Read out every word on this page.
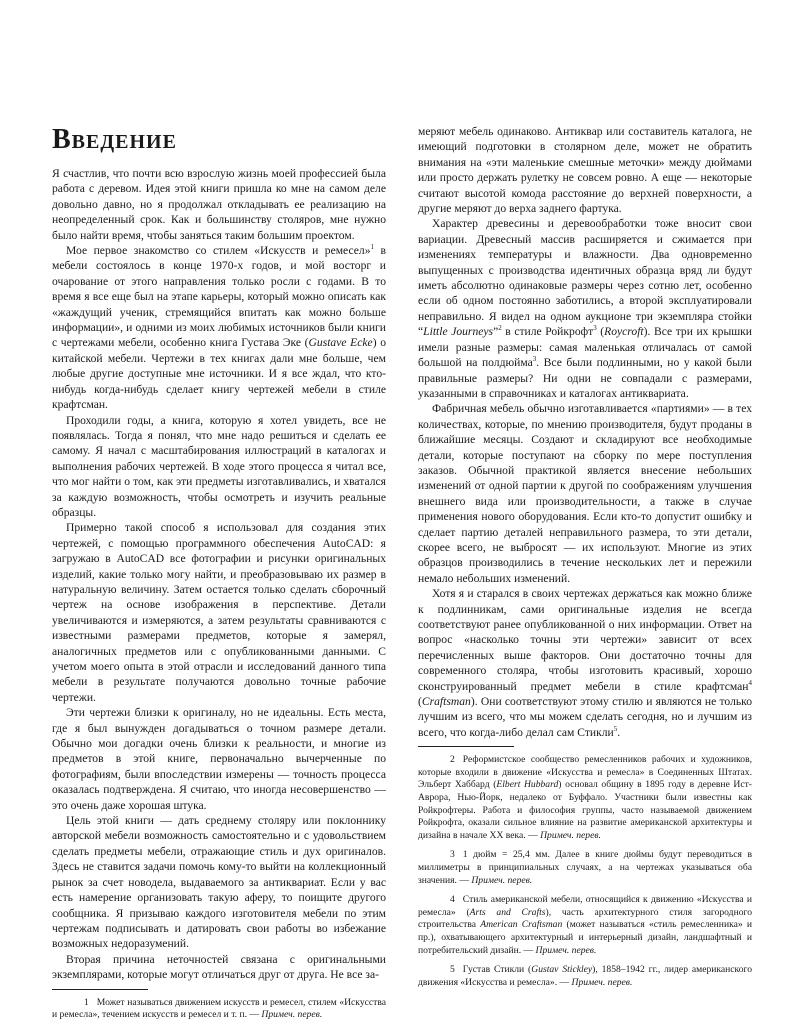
Введение

Я счастлив, что почти всю взрослую жизнь моей профессией была работа с деревом. Идея этой книги пришла ко мне на самом деле довольно давно, но я продолжал откладывать ее реализацию на неопределенный срок. Как и большинству столяров, мне нужно было найти время, чтобы заняться таким большим проектом.

Мое первое знакомство со стилем «Искусств и ремесел»$^1$ в мебели состоялось в конце 1970-х годов, и мой восторг и очарование от этого направления только росли с годами. В то время я все еще был на этапе карьеры, который можно описать как «жаждущий ученик, стремящийся впитать как можно больше информации», и одними из моих любимых источников были книги с чертежами мебели, особенно книга Густава Эке (Gustave Ecke) о китайской мебели. Чертежи в тех книгах дали мне больше, чем любые другие доступные мне источники. И я все ждал, что кто-нибудь когда-нибудь сделает книгу чертежей мебели в стиле крафтсман.

Проходили годы, а книга, которую я хотел увидеть, все не появлялась. Тогда я понял, что мне надо решиться и сделать ее самому. Я начал с масштабирования иллюстраций в каталогах и выполнения рабочих чертежей. В ходе этого процесса я читал все, что мог найти о том, как эти предметы изготавливались, и хватался за каждую возможность, чтобы осмотреть и изучить реальные образцы.

Примерно такой способ я использовал для создания этих чертежей, с помощью программного обеспечения AutoCAD: я загружаю в AutoCAD все фотографии и рисунки оригинальных изделий, какие только могу найти, и преобразовываю их размер в натуральную величину. Затем остается только сделать сборочный чертеж на основе изображения в перспективе. Детали увеличиваются и измеряются, а затем результаты сравниваются с известными размерами предметов, которые я замерял, аналогичных предметов или с опубликованными данными. С учетом моего опыта в этой отрасли и исследований данного типа мебели в результате получаются довольно точные рабочие чертежи.

Эти чертежи близки к оригиналу, но не идеальны. Есть места, где я был вынужден догадываться о точном размере детали. Обычно мои догадки очень близки к реальности, и многие из предметов в этой книге, первоначально вычерченные по фотографиям, были впоследствии измерены — точность процесса оказалась подтверждена. Я считаю, что иногда несовершенство — это очень даже хорошая штука.

Цель этой книги — дать среднему столяру или поклоннику авторской мебели возможность самостоятельно и с удовольствием сделать предметы мебели, отражающие стиль и дух оригиналов. Здесь не ставится задачи помочь кому-то выйти на коллекционный рынок за счет новодела, выдаваемого за антиквариат. Если у вас есть намерение организовать такую аферу, то поищите другого сообщника. Я призываю каждого изготовителя мебели по этим чертежам подписывать и датировать свои работы во избежание возможных недоразумений.

Вторая причина неточностей связана с оригинальными экземплярами, которые могут отличаться друг от друга. Не все за-

1 Может называться движением искусств и ремесел, стилем «Искусства и ремесла», течением искусств и ремесел и т. п. — Примеч. перев.

меряют мебель одинаково. Антиквар или составитель каталога, не имеющий подготовки в столярном деле, может не обратить внимания на «эти маленькие смешные меточки» между дюймами или просто держать рулетку не совсем ровно. А еще — некоторые считают высотой комода расстояние до верхней поверхности, а другие меряют до верха заднего фартука.

Характер древесины и деревообработки тоже вносит свои вариации. Древесный массив расширяется и сжимается при изменениях температуры и влажности. Два одновременно выпущенных с производства идентичных образца вряд ли будут иметь абсолютно одинаковые размеры через сотню лет, особенно если об одном постоянно заботились, а второй эксплуатировали неправильно. Я видел на одном аукционе три экземпляра стойки “Little Journeys”$^2$ в стиле Ройкрофт$^3$ (Roycroft). Все три их крышки имели разные размеры: самая маленькая отличалась от самой большой на полдюйма$^3$. Все были подлинными, но у какой были правильные размеры? Ни одни не совпадали с размерами, указанными в справочниках и каталогах антиквариата.

Фабричная мебель обычно изготавливается «партиями» — в тех количествах, которые, по мнению производителя, будут проданы в ближайшие месяцы. Создают и складируют все необходимые детали, которые поступают на сборку по мере поступления заказов. Обычной практикой является внесение небольших изменений от одной партии к другой по соображениям улучшения внешнего вида или производительности, а также в случае применения нового оборудования. Если кто-то допустит ошибку и сделает партию деталей неправильного размера, то эти детали, скорее всего, не выбросят — их используют. Многие из этих образцов производились в течение нескольких лет и пережили немало небольших изменений.

Хотя я и старался в своих чертежах держаться как можно ближе к подлинникам, сами оригинальные изделия не всегда соответствуют ранее опубликованной о них информации. Ответ на вопрос «насколько точны эти чертежи» зависит от всех перечисленных выше факторов. Они достаточно точны для современного столяра, чтобы изготовить красивый, хорошо сконструированный предмет мебели в стиле крафтсман$^4$ (Craftsman). Они соответствуют этому стилю и являются не только лучшим из всего, что мы можем сделать сегодня, но и лучшим из всего, что когда-либо делал сам Стикли$^5$.

2 Реформистское сообщество ремесленников рабочих и художников, которые входили в движение «Искусства и ремесла» в Соединенных Штатах. Эльберт Хаббард (Elbert Hubbard) основал общину в 1895 году в деревне Ист-Аврора, Нью-Йорк, недалеко от Буффало. Участники были известны как Ройкрофтеры. Работа и философия группы, часто называемой движением Ройкрофта, оказали сильное влияние на развитие американской архитектуры и дизайна в начале XX века. — Примеч. перев.

3 1 дюйм = 25,4 мм. Далее в книге дюймы будут переводиться в миллиметры в принципиальных случаях, а на чертежах указываться оба значения. — Примеч. перев.

4 Стиль американской мебели, относящийся к движению «Искусства и ремесла» (Arts and Crafts), часть архитектурного стиля загородного строительства American Craftsman (может называться «стиль ремесленника» и пр.), охватывающего архитектурный и интерьерный дизайн, ландшафтный и потребительский дизайн. — Примеч. перев.

5 Густав Стикли (Gustav Stickley), 1858–1942 гг., лидер американского движения «Искусства и ремесла». — Примеч. перев.
